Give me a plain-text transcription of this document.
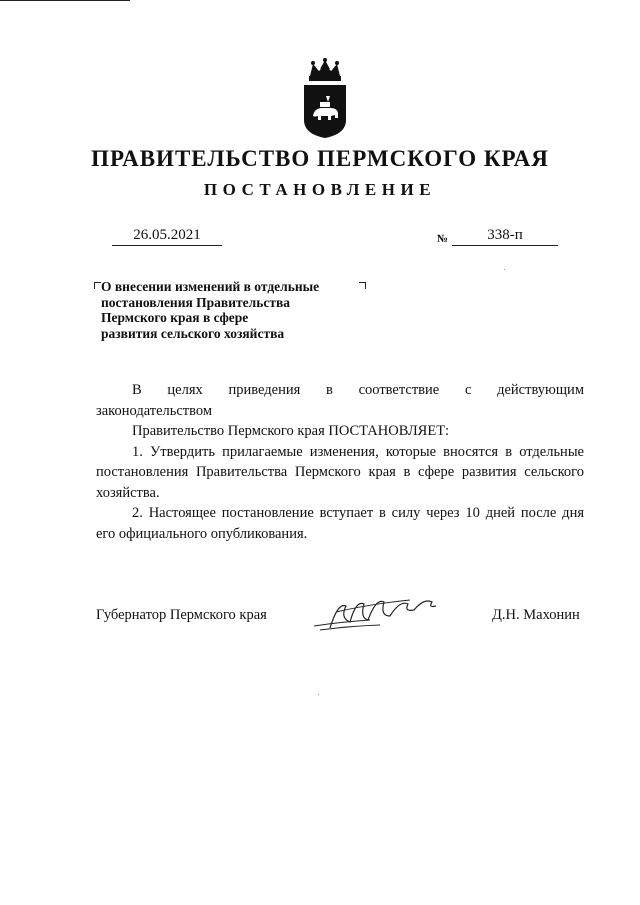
ПРАВИТЕЛЬСТВО ПЕРМСКОГО КРАЯ
ПОСТАНОВЛЕНИЕ
26.05.2021	№	338-п
О внесении изменений в отдельные
постановления Правительства
Пермского края в сфере
развития сельского хозяйства

В целях приведения в соответствие с действующим

законодательством

Правительство Пермского края ПОСТАНОВЛЯЕТ:

1. Утвердить прилагаемые изменения, которые вносятся в отдельные постановления Правительства Пермского края в сфере развития сельского хозяйства.

2. Настоящее постановление вступает в силу через 10 дней после дня его официального опубликования.

Губернатор Пермского края	Д.Н. Махонин
